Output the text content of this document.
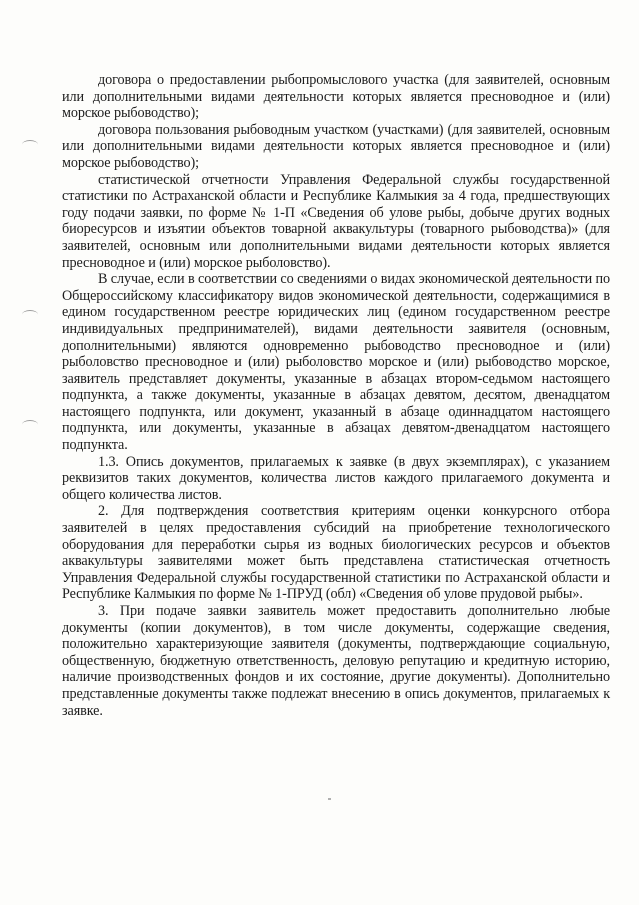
договора о предоставлении рыбопромыслового участка (для заявителей, основным или дополнительными видами деятельности которых является пресноводное и (или) морское рыбоводство);

договора пользования рыбоводным участком (участками) (для заявителей, основным или дополнительными видами деятельности которых является пресноводное и (или) морское рыбоводство);

статистической отчетности Управления Федеральной службы государственной статистики по Астраханской области и Республике Калмыкия за 4 года, предшествующих году подачи заявки, по форме № 1-П «Сведения об улове рыбы, добыче других водных биоресурсов и изъятии объектов товарной аквакультуры (товарного рыбоводства)» (для заявителей, основным или дополнительными видами деятельности которых является пресноводное и (или) морское рыболовство).

В случае, если в соответствии со сведениями о видах экономической деятельности по Общероссийскому классификатору видов экономической деятельности, содержащимися в едином государственном реестре юридических лиц (едином государственном реестре индивидуальных предпринимателей), видами деятельности заявителя (основным, дополнительными) являются одновременно рыбоводство пресноводное и (или) рыболовство пресноводное и (или) рыболовство морское и (или) рыбоводство морское, заявитель представляет документы, указанные в абзацах втором-седьмом настоящего подпункта, а также документы, указанные в абзацах девятом, десятом, двенадцатом настоящего подпункта, или документ, указанный в абзаце одиннадцатом настоящего подпункта, или документы, указанные в абзацах девятом-двенадцатом настоящего подпункта.

1.3. Опись документов, прилагаемых к заявке (в двух экземплярах), с указанием реквизитов таких документов, количества листов каждого прилагаемого документа и общего количества листов.

2. Для подтверждения соответствия критериям оценки конкурсного отбора заявителей в целях предоставления субсидий на приобретение технологического оборудования для переработки сырья из водных биологических ресурсов и объектов аквакультуры заявителями может быть представлена статистическая отчетность Управления Федеральной службы государственной статистики по Астраханской области и Республике Калмыкия по форме № 1-ПРУД (обл) «Сведения об улове прудовой рыбы».

3. При подаче заявки заявитель может предоставить дополнительно любые документы (копии документов), в том числе документы, содержащие сведения, положительно характеризующие заявителя (документы, подтверждающие социальную, общественную, бюджетную ответственность, деловую репутацию и кредитную историю, наличие производственных фондов и их состояние, другие документы). Дополнительно представленные документы также подлежат внесению в опись документов, прилагаемых к заявке.
